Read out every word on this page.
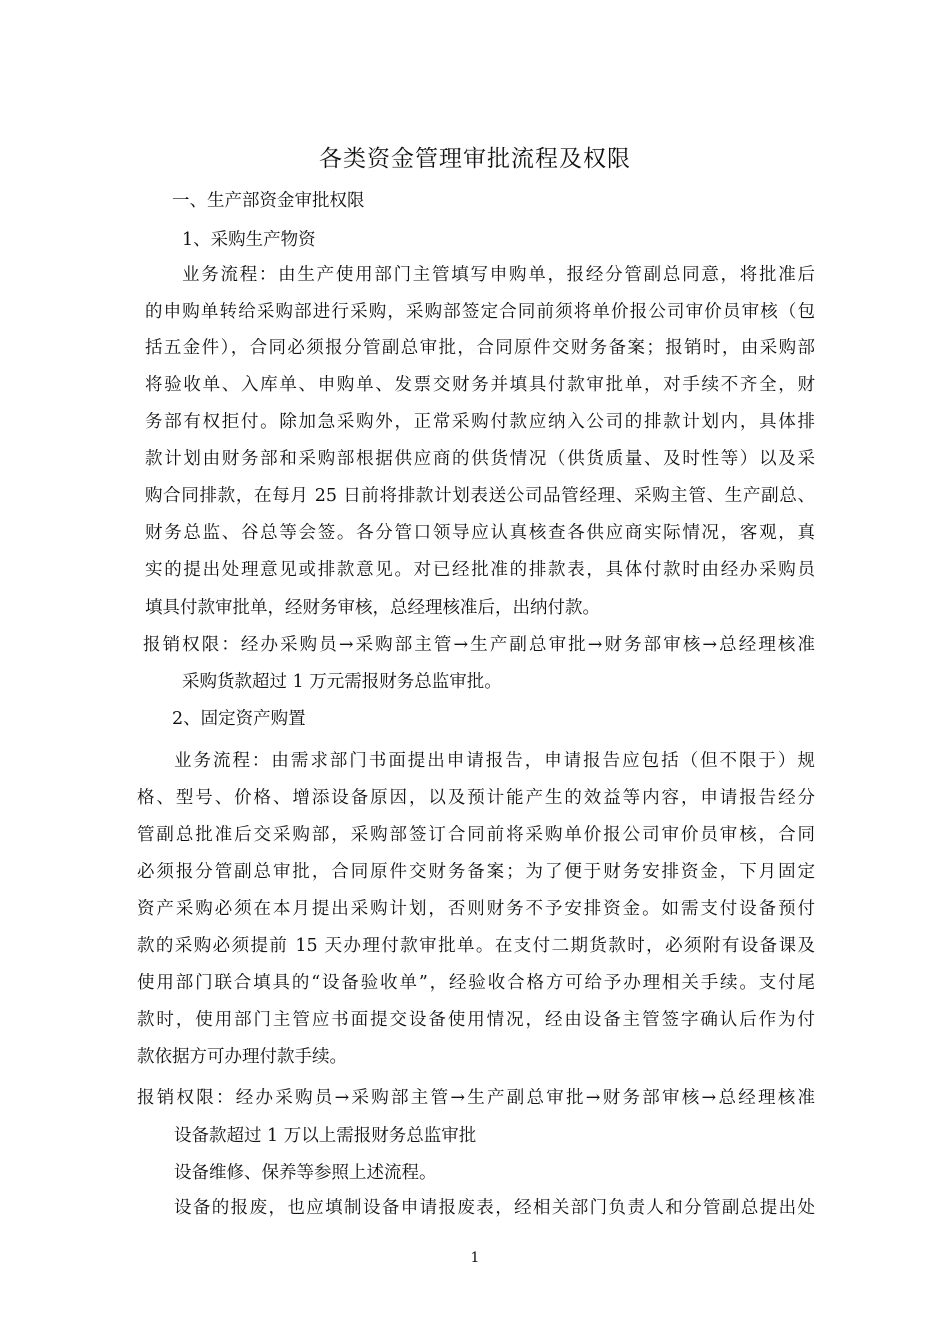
各类资金管理审批流程及权限

一、生产部资金审批权限

1、采购生产物资

业务流程：由生产使用部门主管填写申购单，报经分管副总同意，将批准后

的申购单转给采购部进行采购，采购部签定合同前须将单价报公司审价员审核（包

括五金件），合同必须报分管副总审批，合同原件交财务备案；报销时，由采购部

将验收单、入库单、申购单、发票交财务并填具付款审批单，对手续不齐全，财

务部有权拒付。除加急采购外，正常采购付款应纳入公司的排款计划内，具体排

款计划由财务部和采购部根据供应商的供货情况（供货质量、及时性等）以及采

购合同排款，在每月 25 日前将排款计划表送公司品管经理、采购主管、生产副总、

财务总监、谷总等会签。各分管口领导应认真核查各供应商实际情况，客观，真

实的提出处理意见或排款意见。对已经批准的排款表，具体付款时由经办采购员

填具付款审批单，经财务审核，总经理核准后，出纳付款。

报销权限：经办采购员→采购部主管→生产副总审批→财务部审核→总经理核准

采购货款超过 1 万元需报财务总监审批。

2、固定资产购置

业务流程：由需求部门书面提出申请报告，申请报告应包括（但不限于）规

格、型号、价格、增添设备原因，以及预计能产生的效益等内容，申请报告经分

管副总批准后交采购部，采购部签订合同前将采购单价报公司审价员审核，合同

必须报分管副总审批，合同原件交财务备案；为了便于财务安排资金，下月固定

资产采购必须在本月提出采购计划，否则财务不予安排资金。如需支付设备预付

款的采购必须提前 15 天办理付款审批单。在支付二期货款时，必须附有设备课及

使用部门联合填具的“设备验收单”，经验收合格方可给予办理相关手续。支付尾

款时，使用部门主管应书面提交设备使用情况，经由设备主管签字确认后作为付

款依据方可办理付款手续。

报销权限：经办采购员→采购部主管→生产副总审批→财务部审核→总经理核准

设备款超过 1 万以上需报财务总监审批

设备维修、保养等参照上述流程。

设备的报废，也应填制设备申请报废表，经相关部门负责人和分管副总提出处

1
